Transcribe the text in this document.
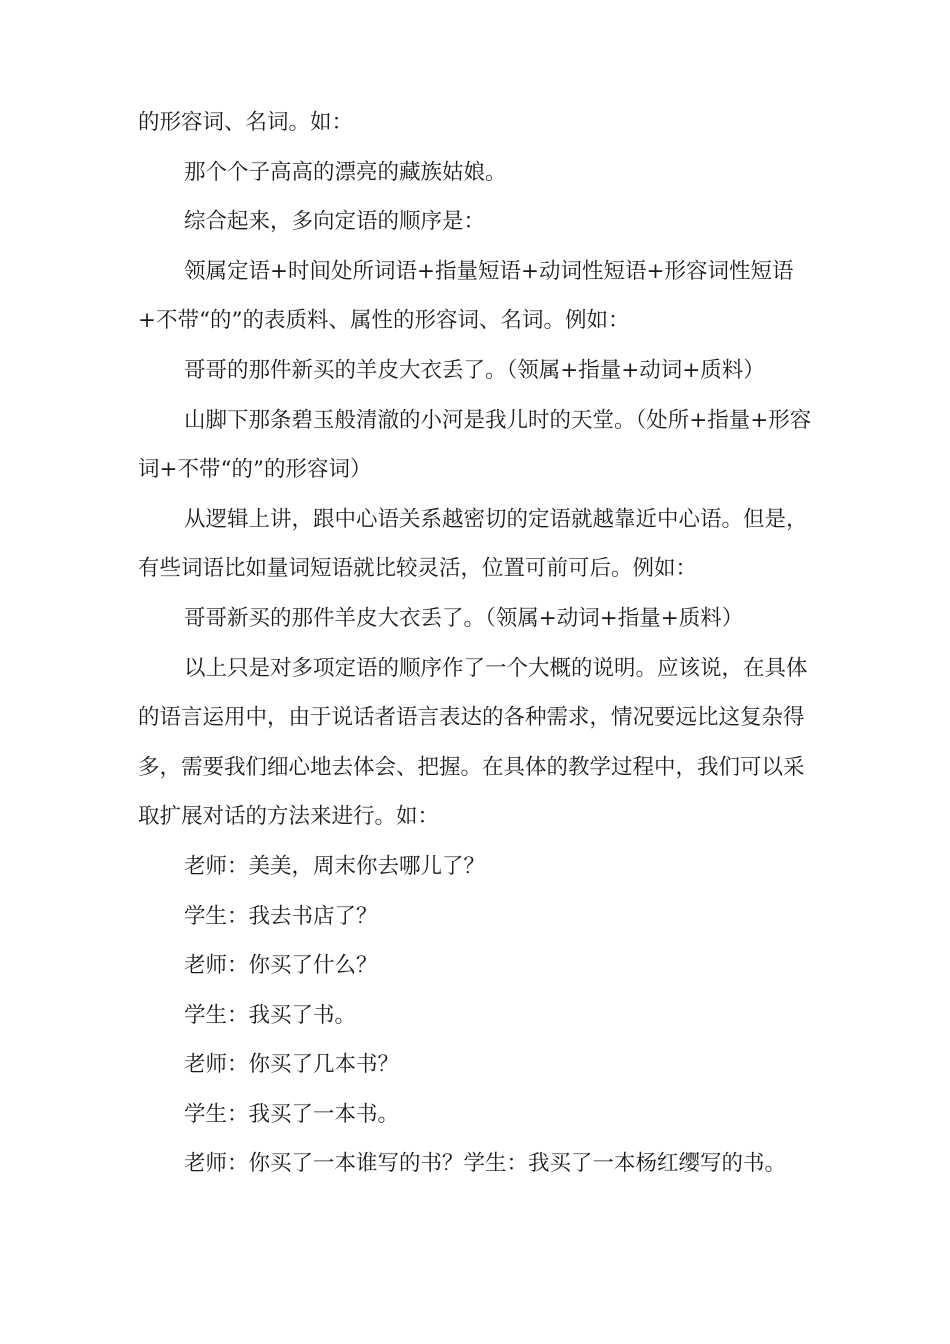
的形容词、名词。如：

那个个子高高的漂亮的藏族姑娘。

综合起来，多向定语的顺序是：

领属定语+时间处所词语+指量短语+动词性短语+形容词性短语+不带“的”的表质料、属性的形容词、名词。例如：

哥哥的那件新买的羊皮大衣丢了。（领属+指量+动词+质料）

山脚下那条碧玉般清澈的小河是我儿时的天堂。（处所+指量+形容词+不带“的”的形容词）

从逻辑上讲，跟中心语关系越密切的定语就越靠近中心语。但是，有些词语比如量词短语就比较灵活，位置可前可后。例如：

哥哥新买的那件羊皮大衣丢了。（领属+动词+指量+质料）

以上只是对多项定语的顺序作了一个大概的说明。应该说，在具体的语言运用中，由于说话者语言表达的各种需求，情况要远比这复杂得多，需要我们细心地去体会、把握。在具体的教学过程中，我们可以采取扩展对话的方法来进行。如：

老师：美美，周末你去哪儿了？

学生：我去书店了？

老师：你买了什么？

学生：我买了书。

老师：你买了几本书？

学生：我买了一本书。

老师：你买了一本谁写的书？学生：我买了一本杨红缨写的书。
